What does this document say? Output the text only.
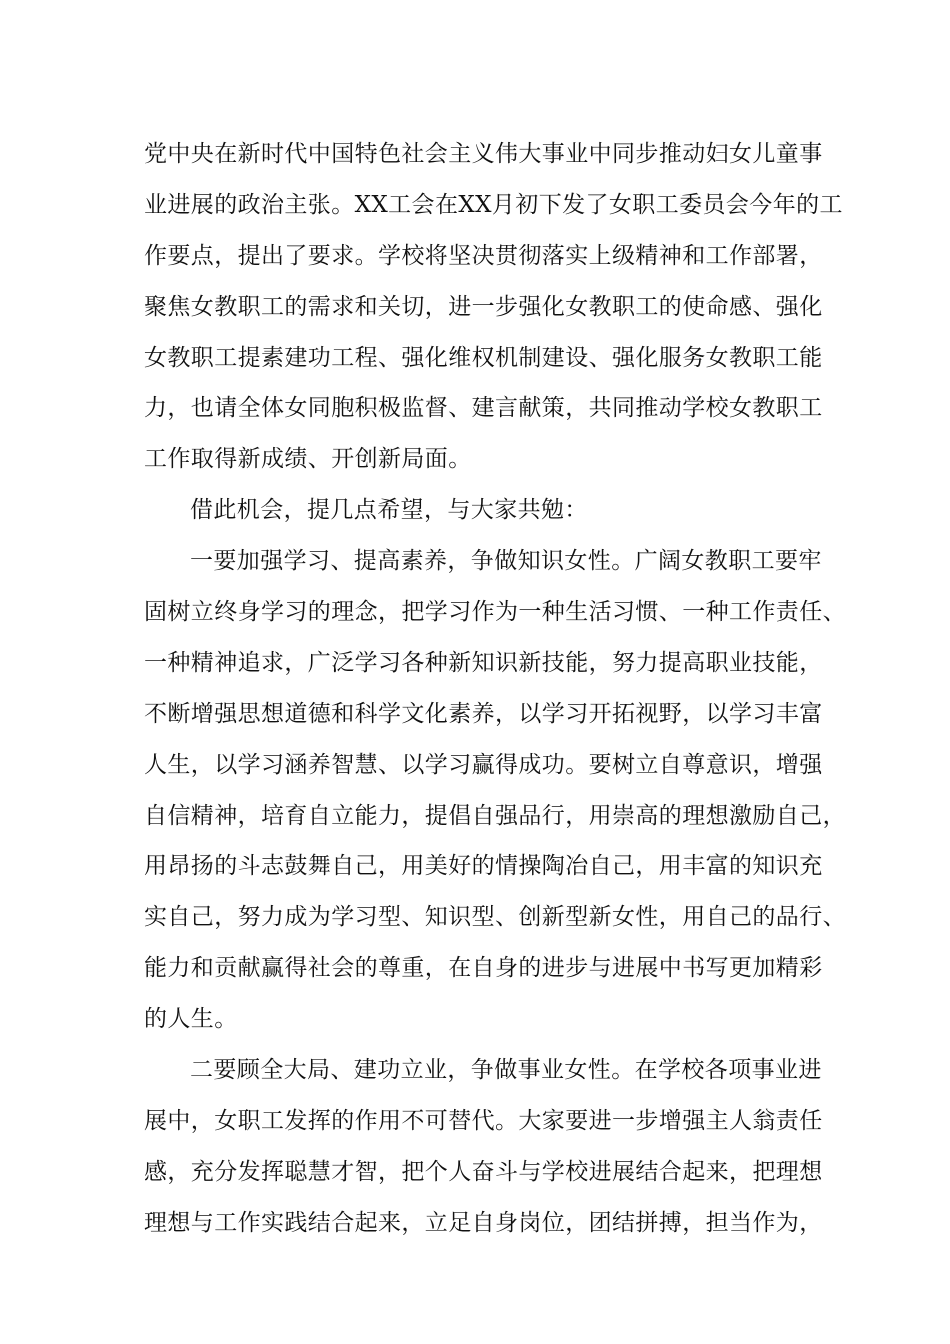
党中央在新时代中国特色社会主义伟大事业中同步推动妇女儿童事
业进展的政治主张。XX工会在XX月初下发了女职工委员会今年的工
作要点，提出了要求。学校将坚决贯彻落实上级精神和工作部署，
聚焦女教职工的需求和关切，进一步强化女教职工的使命感、强化
女教职工提素建功工程、强化维权机制建设、强化服务女教职工能
力，也请全体女同胞积极监督、建言献策，共同推动学校女教职工
工作取得新成绩、开创新局面。
借此机会，提几点希望，与大家共勉：
一要加强学习、提高素养，争做知识女性。广阔女教职工要牢
固树立终身学习的理念，把学习作为一种生活习惯、一种工作责任、
一种精神追求，广泛学习各种新知识新技能，努力提高职业技能，
不断增强思想道德和科学文化素养，以学习开拓视野，以学习丰富
人生，以学习涵养智慧、以学习赢得成功。要树立自尊意识，增强
自信精神，培育自立能力，提倡自强品行，用崇高的理想激励自己，
用昂扬的斗志鼓舞自己，用美好的情操陶冶自己，用丰富的知识充
实自己，努力成为学习型、知识型、创新型新女性，用自己的品行、
能力和贡献赢得社会的尊重，在自身的进步与进展中书写更加精彩
的人生。
二要顾全大局、建功立业，争做事业女性。在学校各项事业进
展中，女职工发挥的作用不可替代。大家要进一步增强主人翁责任
感，充分发挥聪慧才智，把个人奋斗与学校进展结合起来，把理想
理想与工作实践结合起来，立足自身岗位，团结拼搏，担当作为，
